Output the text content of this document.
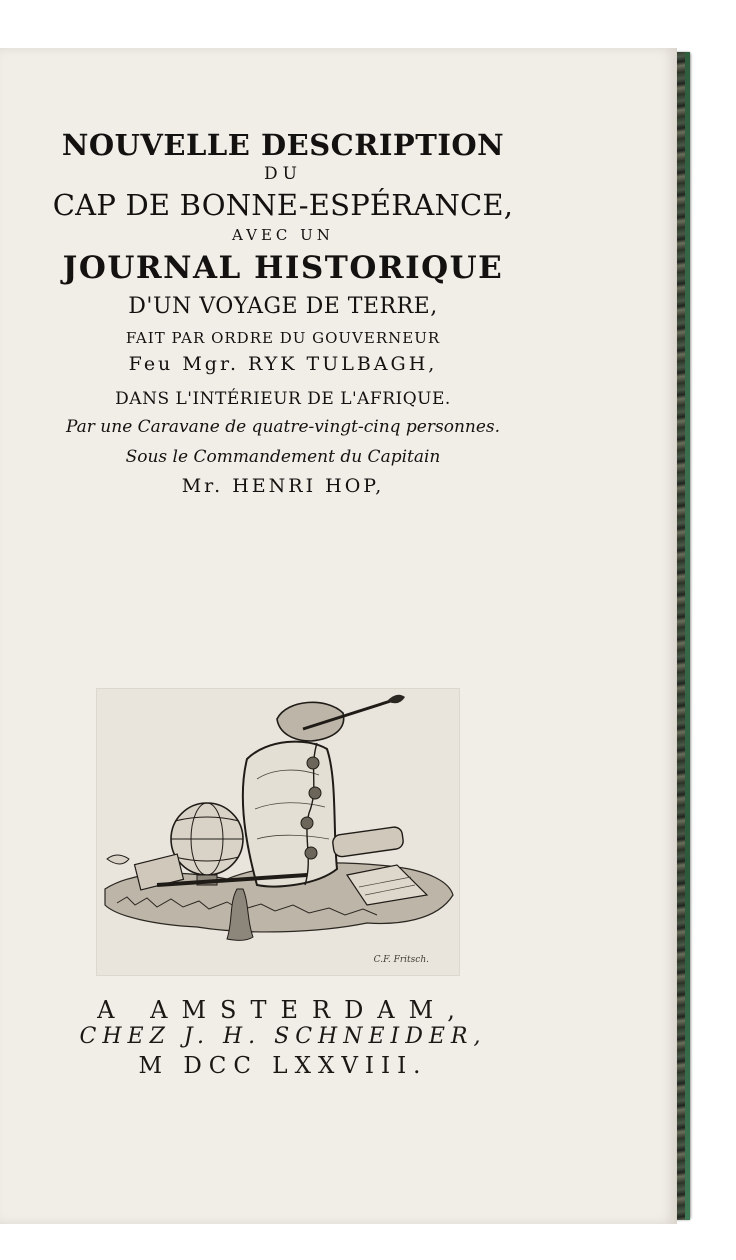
NOUVELLE DESCRIPTION
DU
CAP DE BONNE-ESPÉRANCE,
AVEC UN
JOURNAL HISTORIQUE
D'UN VOYAGE DE TERRE,
FAIT PAR ORDRE DU GOUVERNEUR
Feu Mgr. RYK TULBAGH,
DANS L'INTÉRIEUR DE L'AFRIQUE.
Par une Caravane de quatre-vingt-cinq personnes.
Sous le Commandement du Capitain
Mr. HENRI HOP,
C.F. Fritsch.
A AMSTERDAM,
CHEZ J. H. SCHNEIDER,
M DCC LXXVIII.
